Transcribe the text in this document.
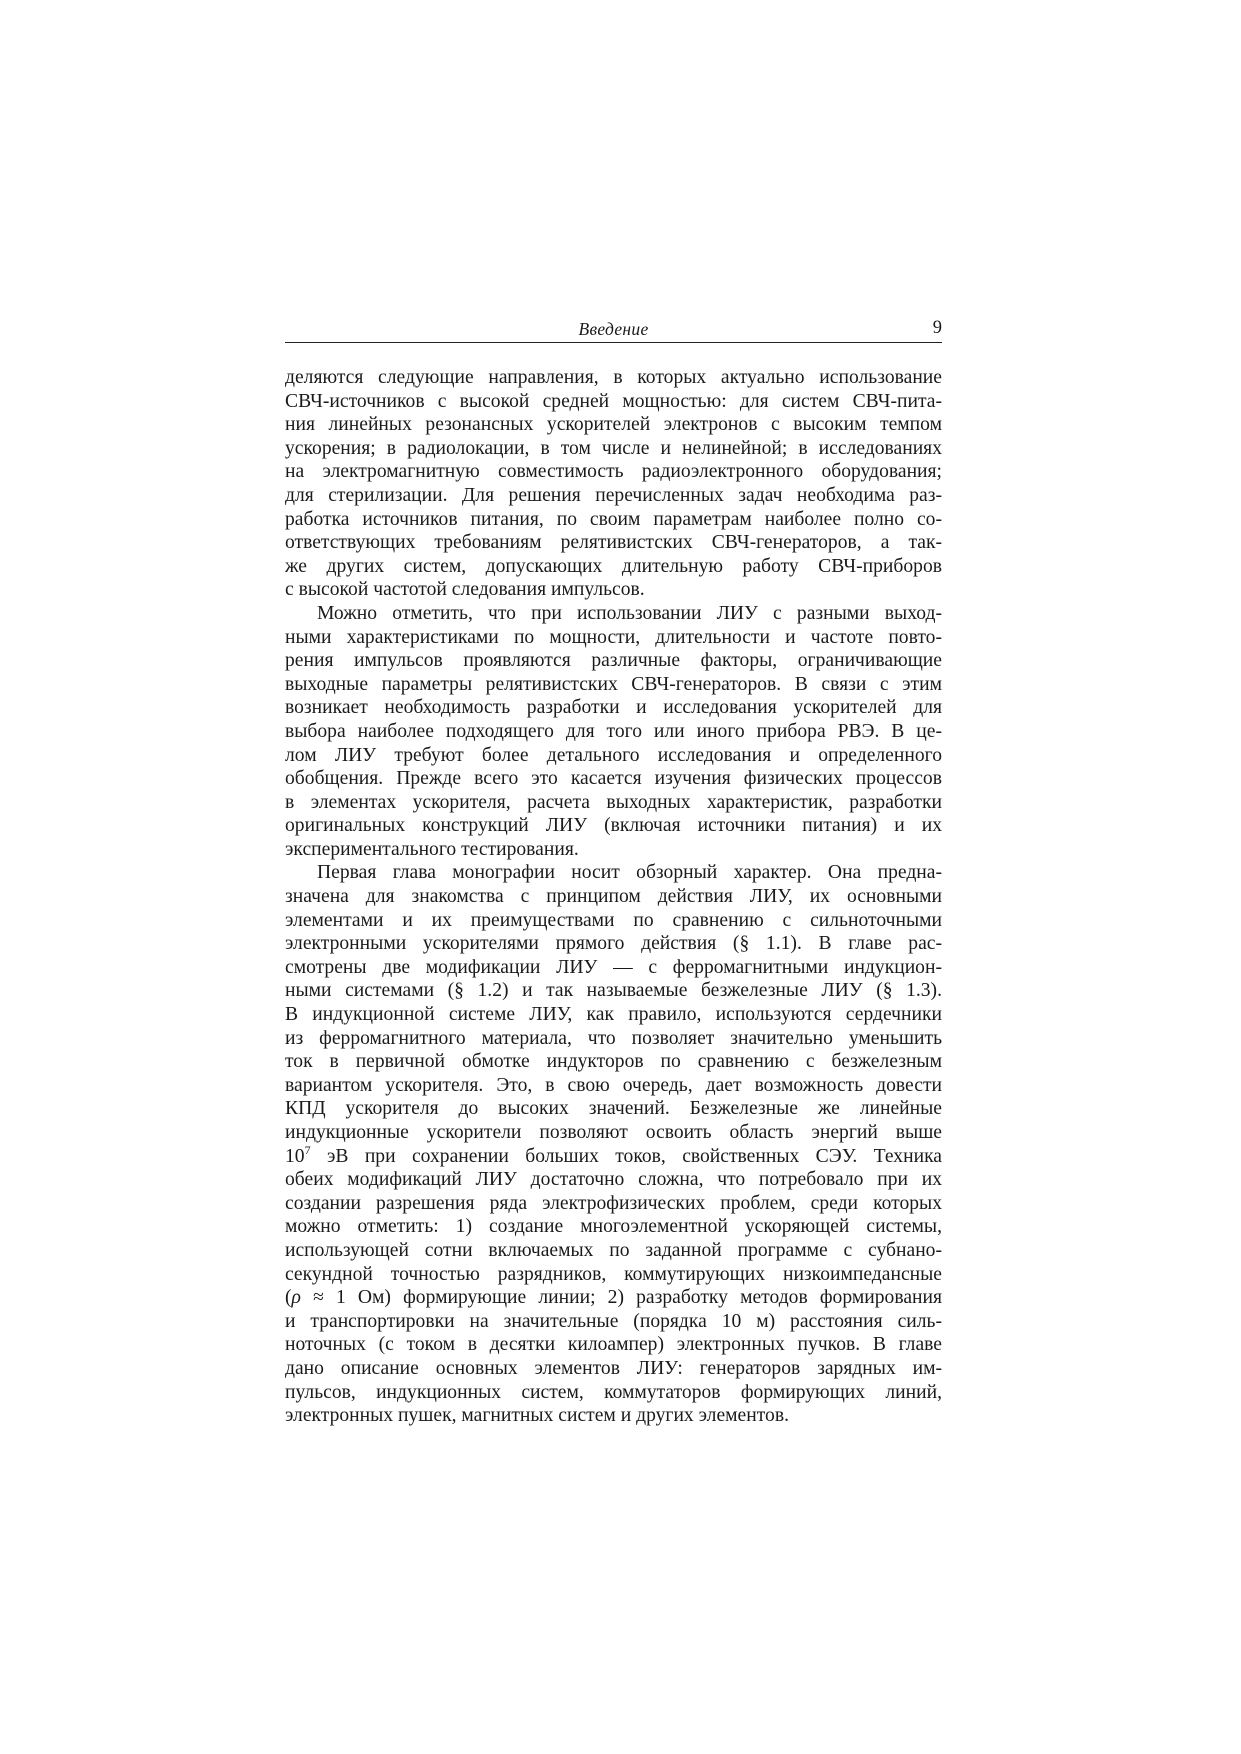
Введение	9
деляются следующие направления, в которых актуально использование
СВЧ-источников с высокой средней мощностью: для систем СВЧ-пита-
ния линейных резонансных ускорителей электронов с высоким темпом
ускорения; в радиолокации, в том числе и нелинейной; в исследованиях
на электромагнитную совместимость радиоэлектронного оборудования;
для стерилизации. Для решения перечисленных задач необходима раз-
работка источников питания, по своим параметрам наиболее полно со-
ответствующих требованиям релятивистских СВЧ-генераторов, а так-
же других систем, допускающих длительную работу СВЧ-приборов
с высокой частотой следования импульсов.
Можно отметить, что при использовании ЛИУ с разными выход-
ными характеристиками по мощности, длительности и частоте повто-
рения импульсов проявляются различные факторы, ограничивающие
выходные параметры релятивистских СВЧ-генераторов. В связи с этим
возникает необходимость разработки и исследования ускорителей для
выбора наиболее подходящего для того или иного прибора РВЭ. В це-
лом ЛИУ требуют более детального исследования и определенного
обобщения. Прежде всего это касается изучения физических процессов
в элементах ускорителя, расчета выходных характеристик, разработки
оригинальных конструкций ЛИУ (включая источники питания) и их
экспериментального тестирования.
Первая глава монографии носит обзорный характер. Она предна-
значена для знакомства с принципом действия ЛИУ, их основными
элементами и их преимуществами по сравнению с сильноточными
электронными ускорителями прямого действия (§ 1.1). В главе рас-
смотрены две модификации ЛИУ — с ферромагнитными индукцион-
ными системами (§ 1.2) и так называемые безжелезные ЛИУ (§ 1.3).
В индукционной системе ЛИУ, как правило, используются сердечники
из ферромагнитного материала, что позволяет значительно уменьшить
ток в первичной обмотке индукторов по сравнению с безжелезным
вариантом ускорителя. Это, в свою очередь, дает возможность довести
КПД ускорителя до высоких значений. Безжелезные же линейные
индукционные ускорители позволяют освоить область энергий выше
$10^7$ эВ при сохранении больших токов, свойственных СЭУ. Техника
обеих модификаций ЛИУ достаточно сложна, что потребовало при их
создании разрешения ряда электрофизических проблем, среди которых
можно отметить: 1) создание многоэлементной ускоряющей системы,
использующей сотни включаемых по заданной программе с субнано-
секундной точностью разрядников, коммутирующих низкоимпедансные
(ρ ≈ 1 Ом) формирующие линии; 2) разработку методов формирования
и транспортировки на значительные (порядка 10 м) расстояния силь-
ноточных (с током в десятки килоампер) электронных пучков. В главе
дано описание основных элементов ЛИУ: генераторов зарядных им-
пульсов, индукционных систем, коммутаторов формирующих линий,
электронных пушек, магнитных систем и других элементов.
